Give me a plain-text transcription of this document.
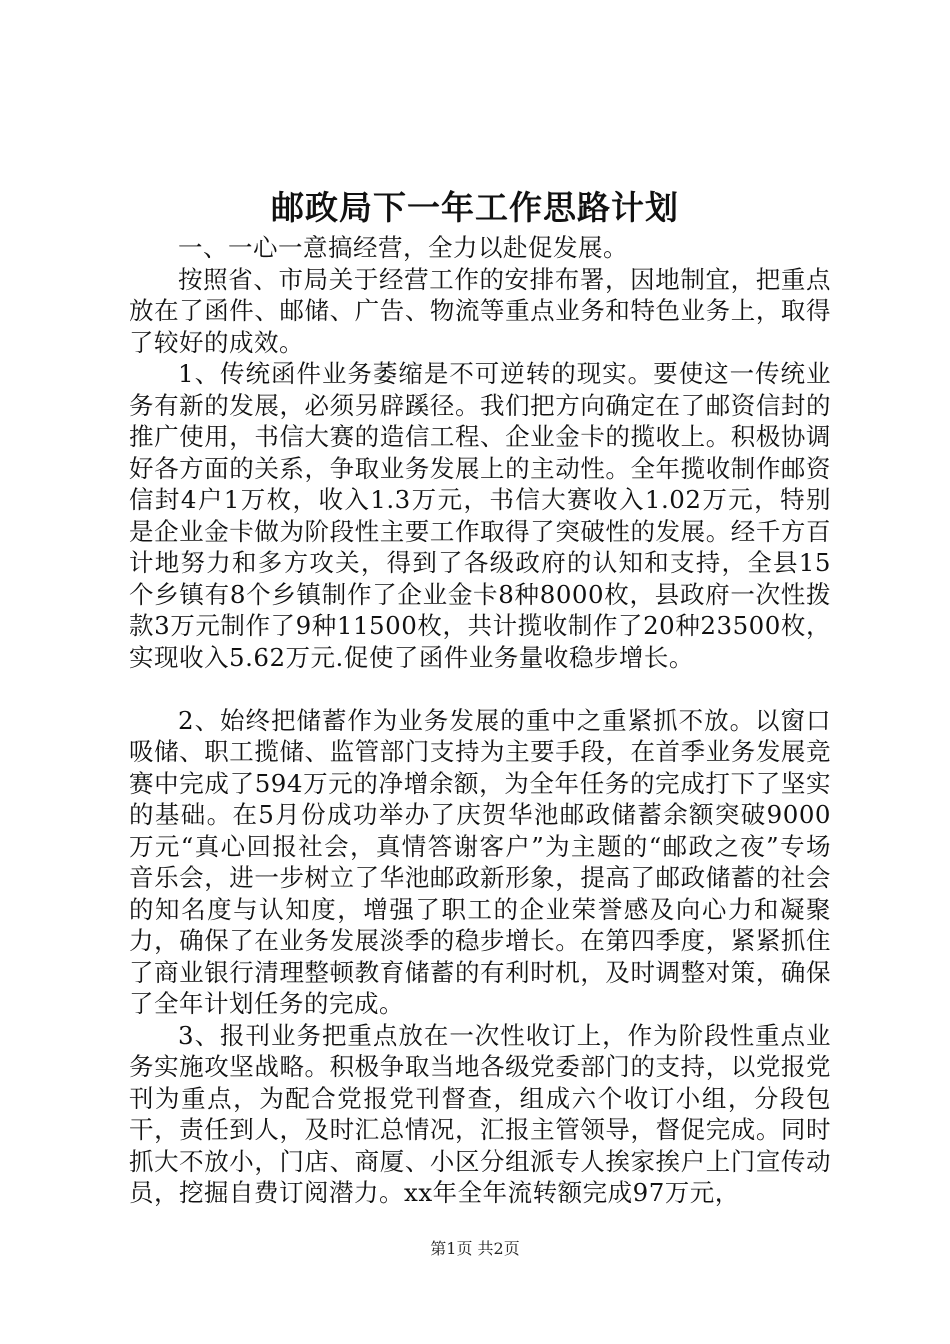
邮政局下一年工作思路计划

一、一心一意搞经营，全力以赴促发展。

按照省、市局关于经营工作的安排布署，因地制宜，把重点放在了函件、邮储、广告、物流等重点业务和特色业务上，取得了较好的成效。

1、传统函件业务萎缩是不可逆转的现实。要使这一传统业务有新的发展，必须另辟蹊径。我们把方向确定在了邮资信封的推广使用，书信大赛的造信工程、企业金卡的揽收上。积极协调好各方面的关系，争取业务发展上的主动性。全年揽收制作邮资信封4户1万枚，收入1.3万元，书信大赛收入1.02万元，特别是企业金卡做为阶段性主要工作取得了突破性的发展。经千方百计地努力和多方攻关，得到了各级政府的认知和支持，全县15个乡镇有8个乡镇制作了企业金卡8种8000枚，县政府一次性拨款3万元制作了9种11500枚，共计揽收制作了20种23500枚，实现收入5.62万元.促使了函件业务量收稳步增长。

2、始终把储蓄作为业务发展的重中之重紧抓不放。以窗口吸储、职工揽储、监管部门支持为主要手段，在首季业务发展竞赛中完成了594万元的净增余额，为全年任务的完成打下了坚实的基础。在5月份成功举办了庆贺华池邮政储蓄余额突破9000万元“真心回报社会，真情答谢客户”为主题的“邮政之夜”专场音乐会，进一步树立了华池邮政新形象，提高了邮政储蓄的社会的知名度与认知度，增强了职工的企业荣誉感及向心力和凝聚力，确保了在业务发展淡季的稳步增长。在第四季度，紧紧抓住了商业银行清理整顿教育储蓄的有利时机，及时调整对策，确保了全年计划任务的完成。

3、报刊业务把重点放在一次性收订上，作为阶段性重点业务实施攻坚战略。积极争取当地各级党委部门的支持，以党报党刊为重点，为配合党报党刊督查，组成六个收订小组，分段包干，责任到人，及时汇总情况，汇报主管领导，督促完成。同时抓大不放小，门店、商厦、小区分组派专人挨家挨户上门宣传动员，挖掘自费订阅潜力。xx年全年流转额完成97万元，

第1页 共2页
